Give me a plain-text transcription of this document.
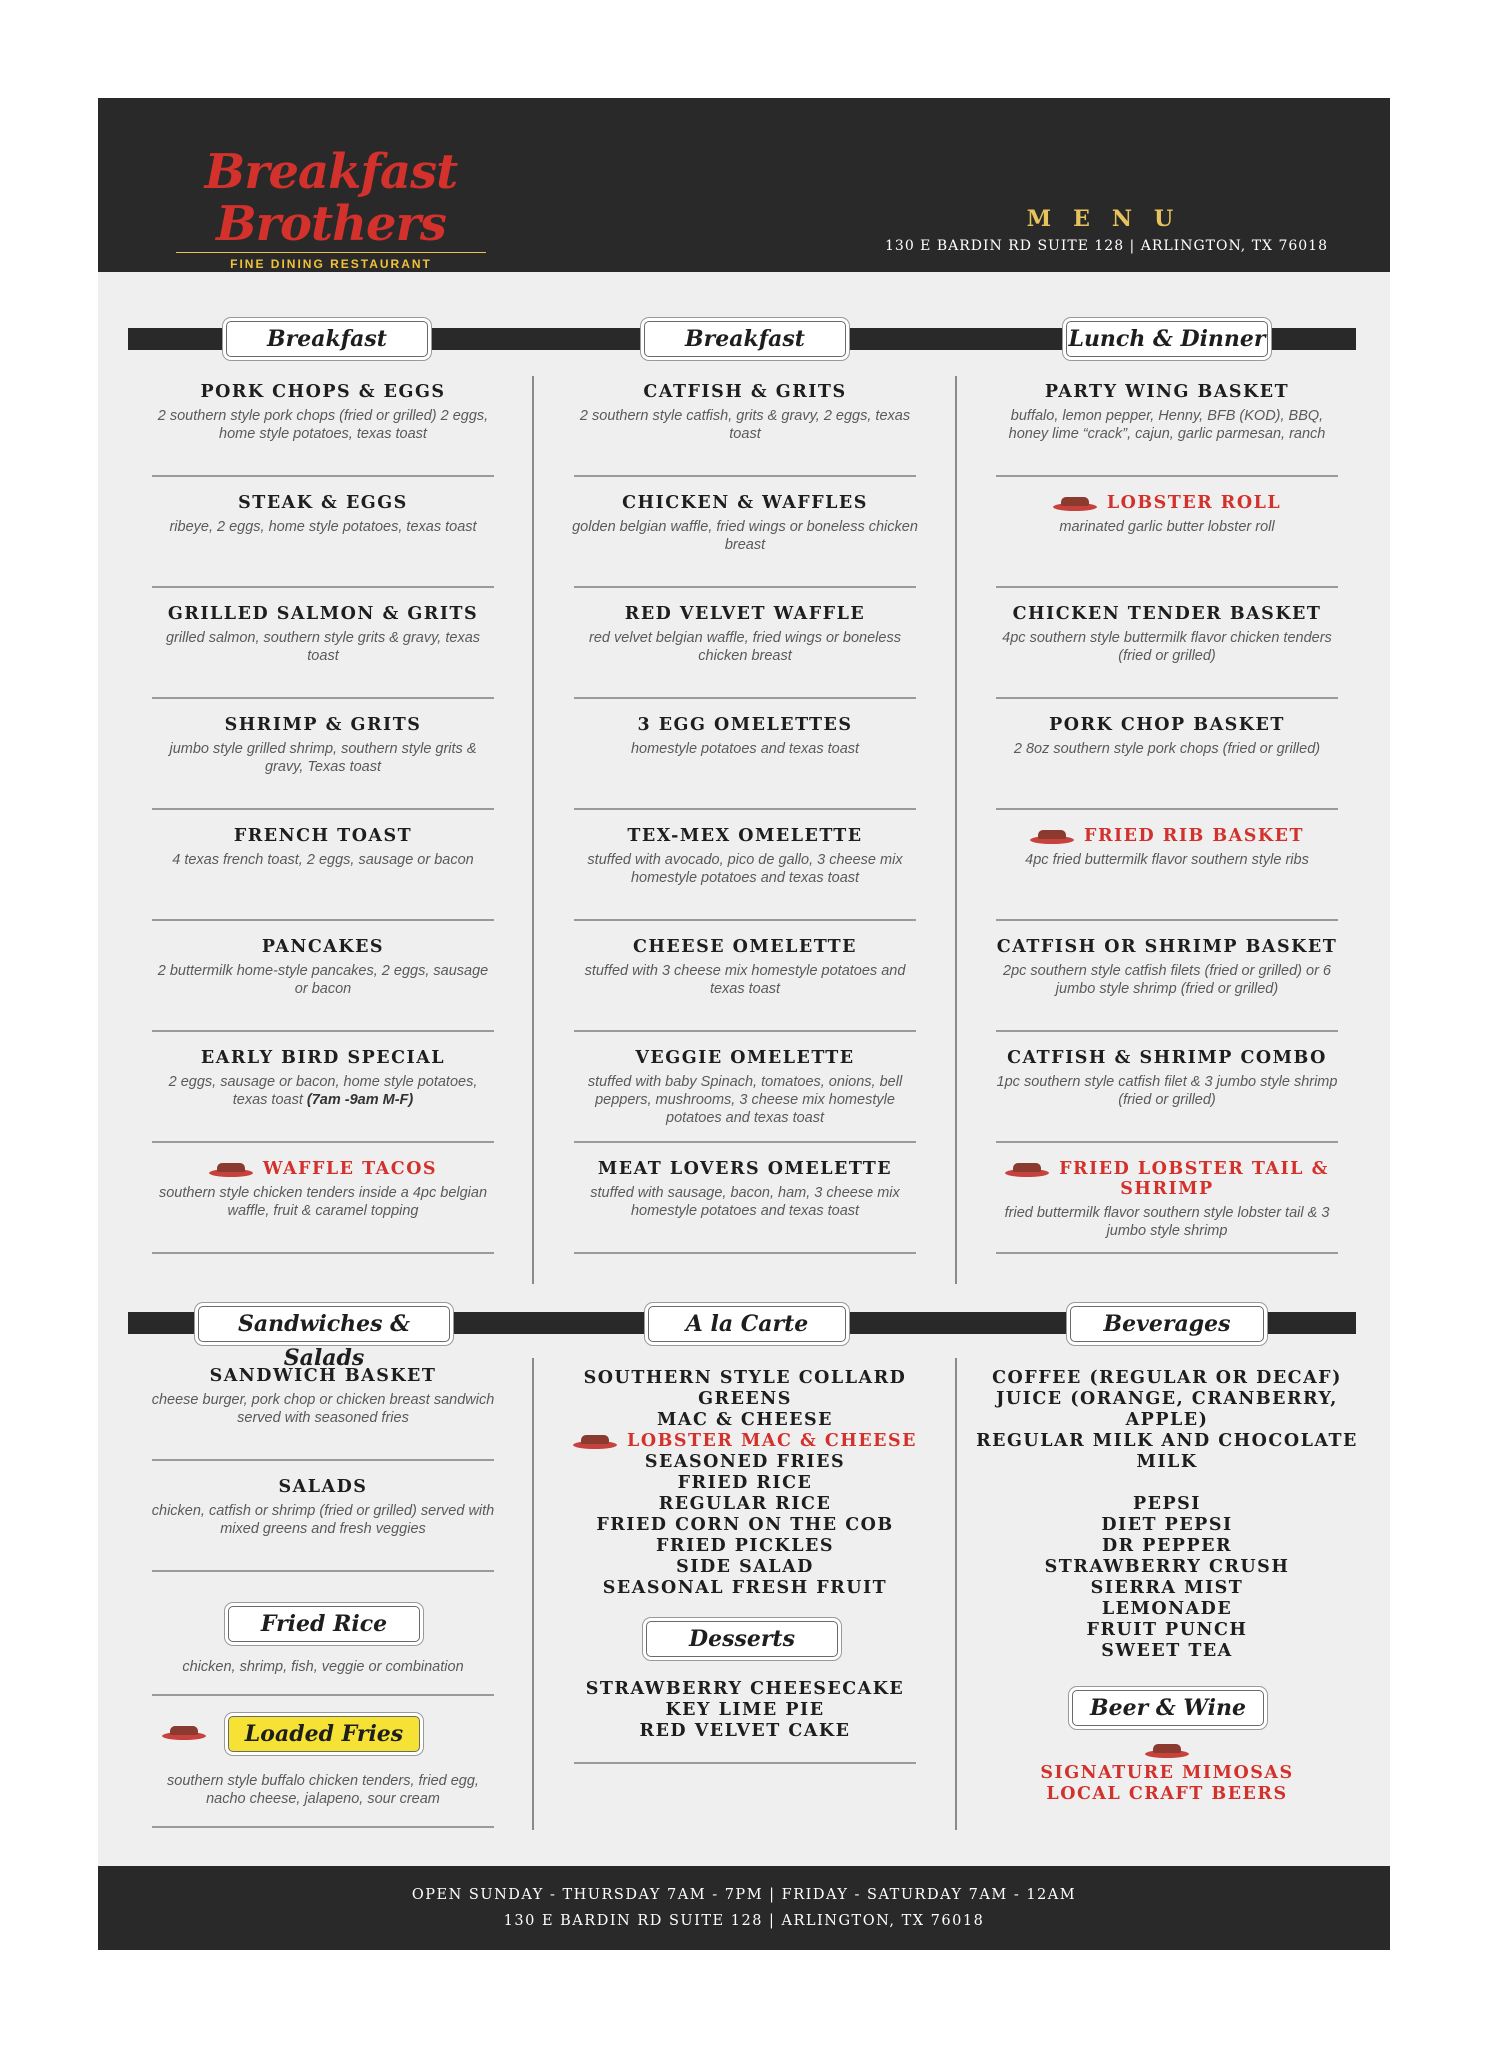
Breakfast Brothers
FINE DINING RESTAURANT
MENU
130 E BARDIN RD SUITE 128 | ARLINGTON, TX 76018
Breakfast	Breakfast	Lunch & Dinner
PORK CHOPS & EGGS
2 southern style pork chops (fried or grilled) 2 eggs, home style potatoes, texas toast
STEAK & EGGS
ribeye, 2 eggs, home style potatoes, texas toast
GRILLED SALMON & GRITS
grilled salmon, southern style grits & gravy, texas toast
SHRIMP & GRITS
jumbo style grilled shrimp, southern style grits & gravy, Texas toast
FRENCH TOAST
4 texas french toast, 2 eggs, sausage or bacon
PANCAKES
2 buttermilk home-style pancakes, 2 eggs, sausage or bacon
EARLY BIRD SPECIAL
2 eggs, sausage or bacon, home style potatoes, texas toast (7am -9am M-F)
WAFFLE TACOS
southern style chicken tenders inside a 4pc belgian waffle, fruit & caramel topping
CATFISH & GRITS
2 southern style catfish, grits & gravy, 2 eggs, texas toast
CHICKEN & WAFFLES
golden belgian waffle, fried wings or boneless chicken breast
RED VELVET WAFFLE
red velvet belgian waffle, fried wings or boneless chicken breast
3 EGG OMELETTES
homestyle potatoes and texas toast
TEX-MEX OMELETTE
stuffed with avocado, pico de gallo, 3 cheese mix homestyle potatoes and texas toast
CHEESE OMELETTE
stuffed with 3 cheese mix homestyle potatoes and texas toast
VEGGIE OMELETTE
stuffed with baby Spinach, tomatoes, onions, bell peppers, mushrooms, 3 cheese mix homestyle potatoes and texas toast
MEAT LOVERS OMELETTE
stuffed with sausage, bacon, ham, 3 cheese mix homestyle potatoes and texas toast
PARTY WING BASKET
buffalo, lemon pepper, Henny, BFB (KOD), BBQ, honey lime “crack”, cajun, garlic parmesan, ranch
LOBSTER ROLL
marinated garlic butter lobster roll
CHICKEN TENDER BASKET
4pc southern style buttermilk flavor chicken tenders (fried or grilled)
PORK CHOP BASKET
2 8oz southern style pork chops (fried or grilled)
FRIED RIB BASKET
4pc fried buttermilk flavor southern style ribs
CATFISH OR SHRIMP BASKET
2pc southern style catfish filets (fried or grilled) or 6 jumbo style shrimp (fried or grilled)
CATFISH & SHRIMP COMBO
1pc southern style catfish filet & 3 jumbo style shrimp (fried or grilled)
FRIED LOBSTER TAIL & SHRIMP
fried buttermilk flavor southern style lobster tail & 3 jumbo style shrimp
Sandwiches & Salads
A la Carte	Beverages
SANDWICH BASKET
cheese burger, pork chop or chicken breast sandwich served with seasoned fries
SALADS
chicken, catfish or shrimp (fried or grilled) served with mixed greens and fresh veggies
Fried Rice
chicken, shrimp, fish, veggie or combination
Loaded Fries
southern style buffalo chicken tenders, fried egg, nacho cheese, jalapeno, sour cream
SOUTHERN STYLE COLLARD GREENS
MAC & CHEESE
LOBSTER MAC & CHEESE
SEASONED FRIES
FRIED RICE
REGULAR RICE
FRIED CORN ON THE COB
FRIED PICKLES
SIDE SALAD
SEASONAL FRESH FRUIT
Desserts
STRAWBERRY CHEESECAKE
KEY LIME PIE
RED VELVET CAKE
COFFEE (REGULAR OR DECAF)
JUICE (ORANGE, CRANBERRY, APPLE)
REGULAR MILK AND CHOCOLATE MILK
PEPSI
DIET PEPSI
DR PEPPER
STRAWBERRY CRUSH
SIERRA MIST
LEMONADE
FRUIT PUNCH
SWEET TEA
Beer & Wine
SIGNATURE MIMOSAS
LOCAL CRAFT BEERS
OPEN SUNDAY - THURSDAY 7AM - 7PM | FRIDAY - SATURDAY 7AM - 12AM
130 E BARDIN RD SUITE 128 | ARLINGTON, TX 76018
